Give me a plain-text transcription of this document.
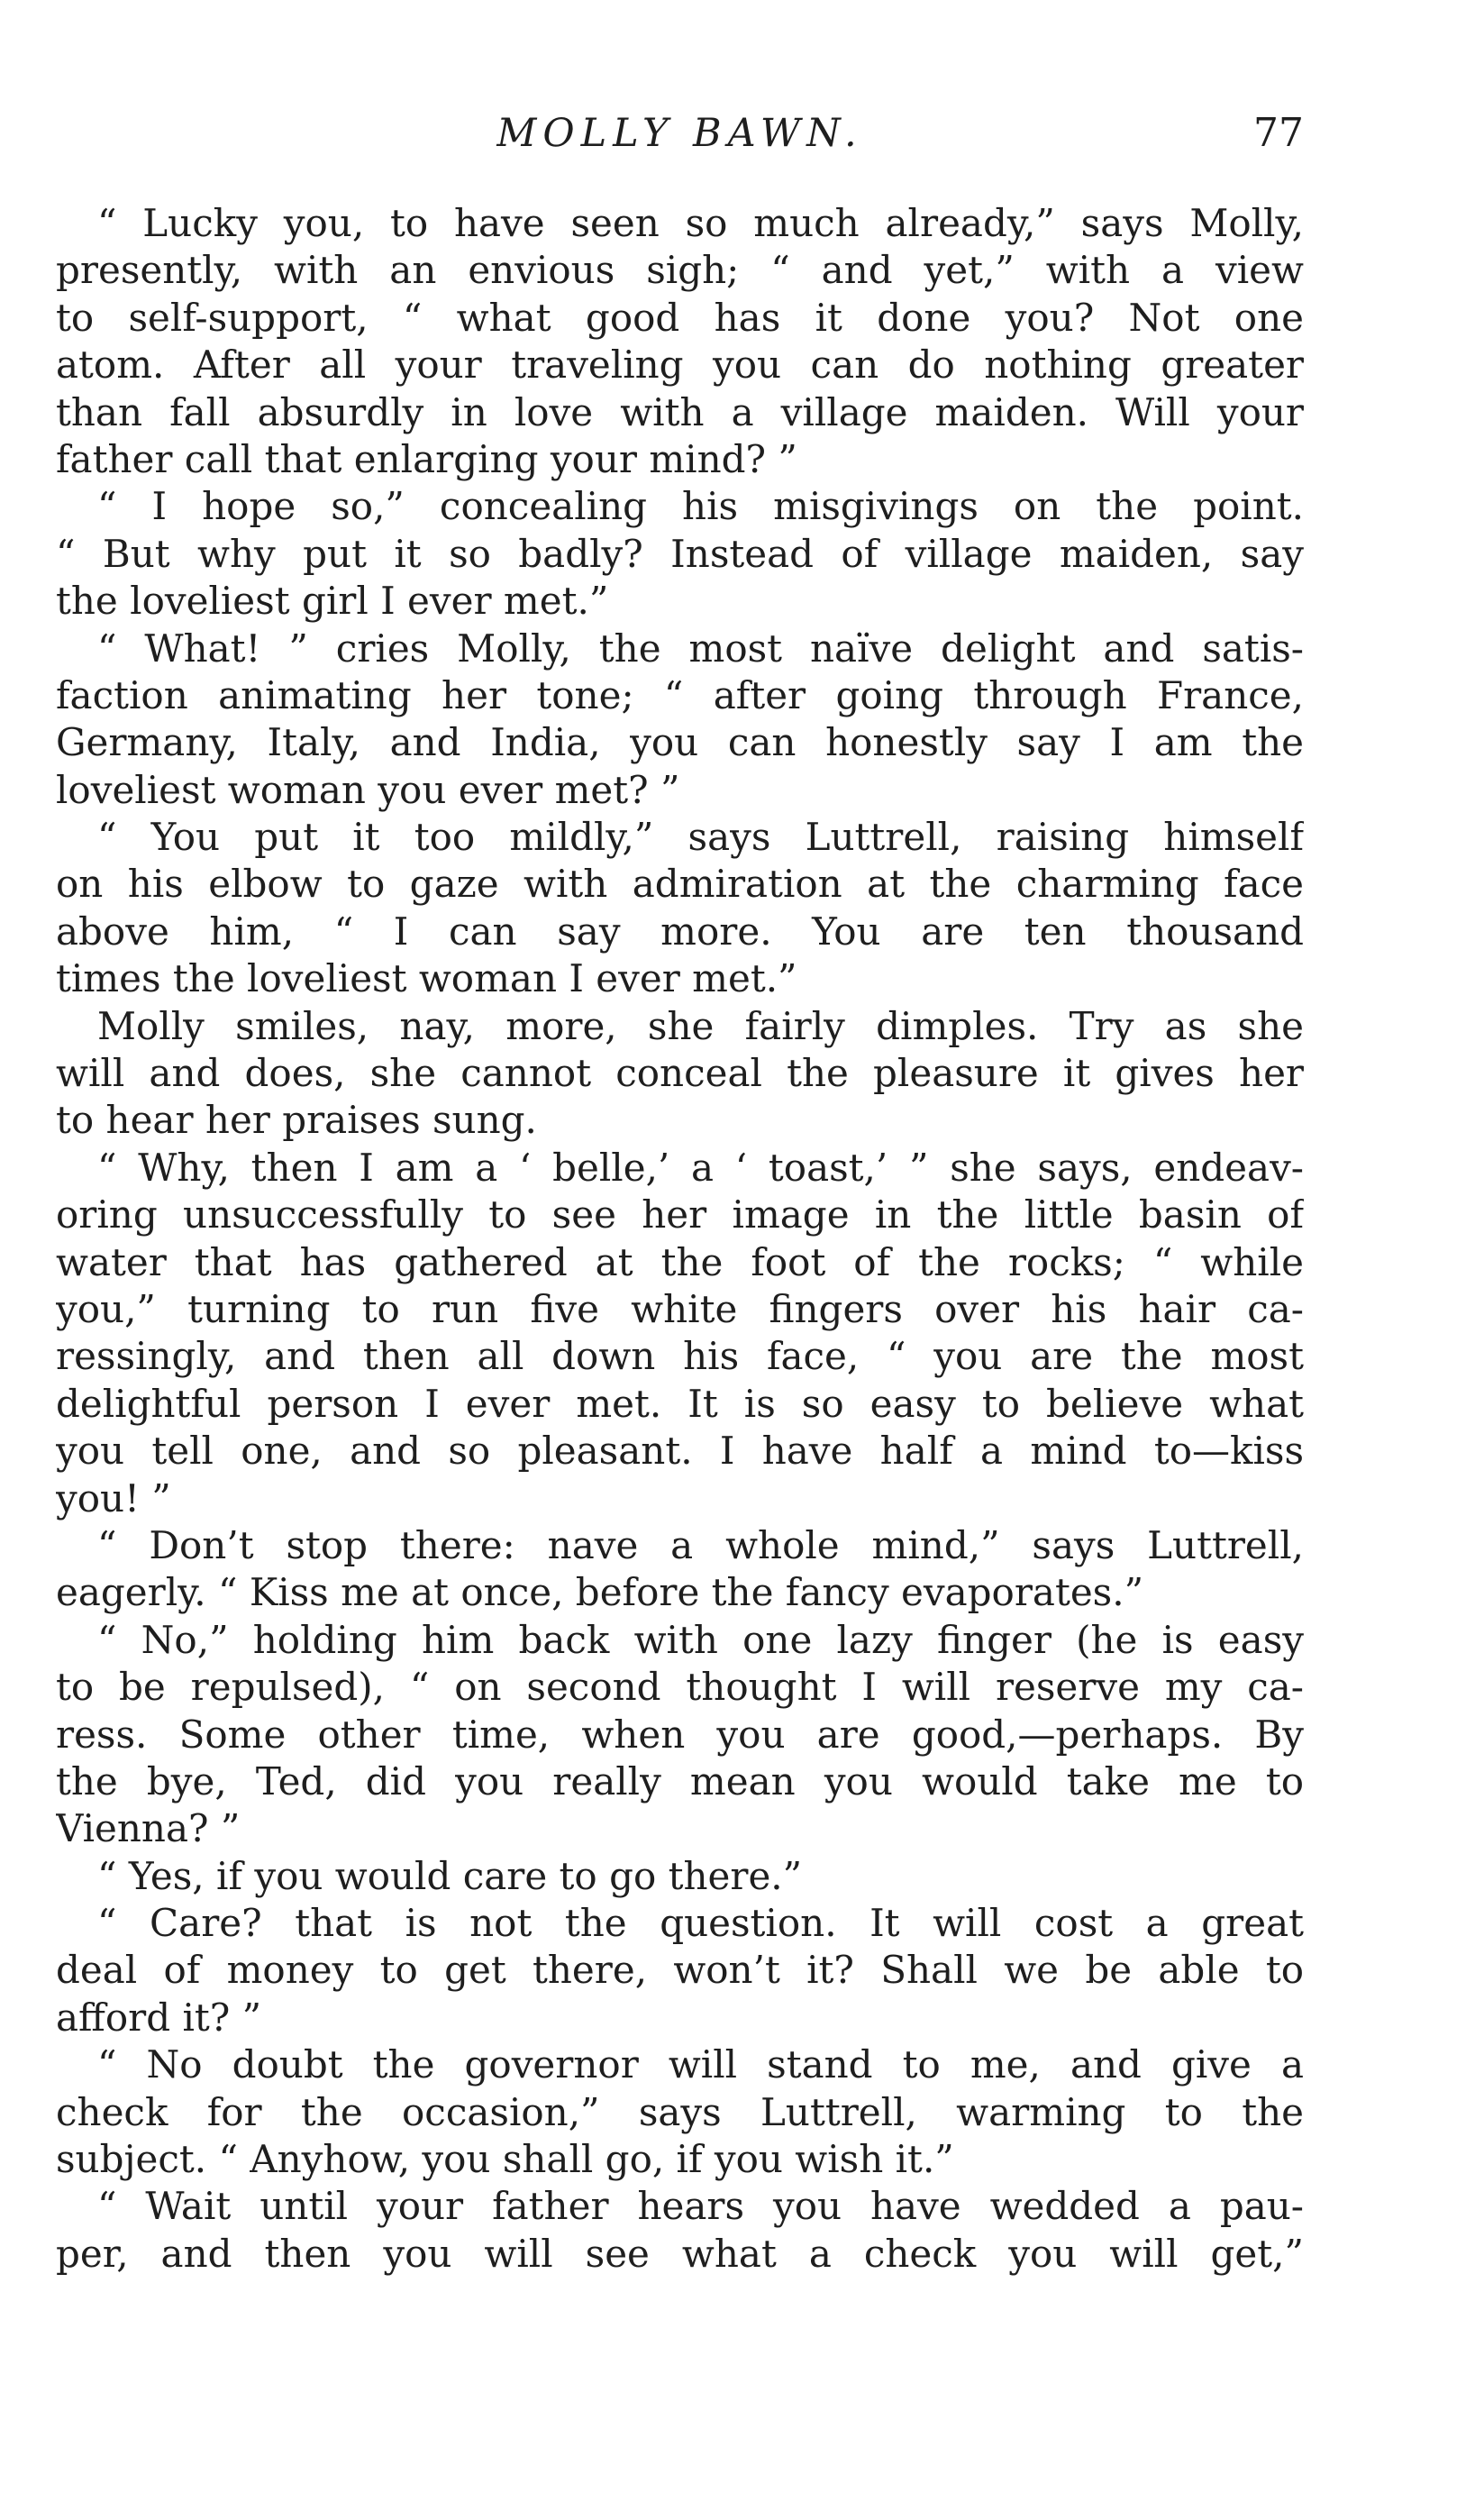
MOLLY BAWN.	77
“ Lucky you, to have seen so much already,” says Molly,
presently, with an envious sigh; “ and yet,” with a view
to self-support, “ what good has it done you? Not one
atom. After all your traveling you can do nothing greater
than fall absurdly in love with a village maiden. Will your
father call that enlarging your mind? ”
“ I hope so,” concealing his misgivings on the point.
“ But why put it so badly? Instead of village maiden, say
the loveliest girl I ever met.”
“ What! ” cries Molly, the most naïve delight and satis-
faction animating her tone; “ after going through France,
Germany, Italy, and India, you can honestly say I am the
loveliest woman you ever met? ”
“ You put it too mildly,” says Luttrell, raising himself
on his elbow to gaze with admiration at the charming face
above him, “ I can say more. You are ten thousand
times the loveliest woman I ever met.”
Molly smiles, nay, more, she fairly dimples. Try as she
will and does, she cannot conceal the pleasure it gives her
to hear her praises sung.
“ Why, then I am a ‘ belle,’ a ‘ toast,’ ” she says, endeav-
oring unsuccessfully to see her image in the little basin of
water that has gathered at the foot of the rocks; “ while
you,” turning to run five white fingers over his hair ca-
ressingly, and then all down his face, “ you are the most
delightful person I ever met. It is so easy to believe what
you tell one, and so pleasant. I have half a mind to—kiss
you! ”
“ Don’t stop there: nave a whole mind,” says Luttrell,
eagerly. “ Kiss me at once, before the fancy evaporates.”
“ No,” holding him back with one lazy finger (he is easy
to be repulsed), “ on second thought I will reserve my ca-
ress. Some other time, when you are good,—perhaps. By
the bye, Ted, did you really mean you would take me to
Vienna? ”
“ Yes, if you would care to go there.”
“ Care? that is not the question. It will cost a great
deal of money to get there, won’t it? Shall we be able to
afford it? ”
“ No doubt the governor will stand to me, and give a
check for the occasion,” says Luttrell, warming to the
subject. “ Anyhow, you shall go, if you wish it.”
“ Wait until your father hears you have wedded a pau-
per, and then you will see what a check you will get,”
